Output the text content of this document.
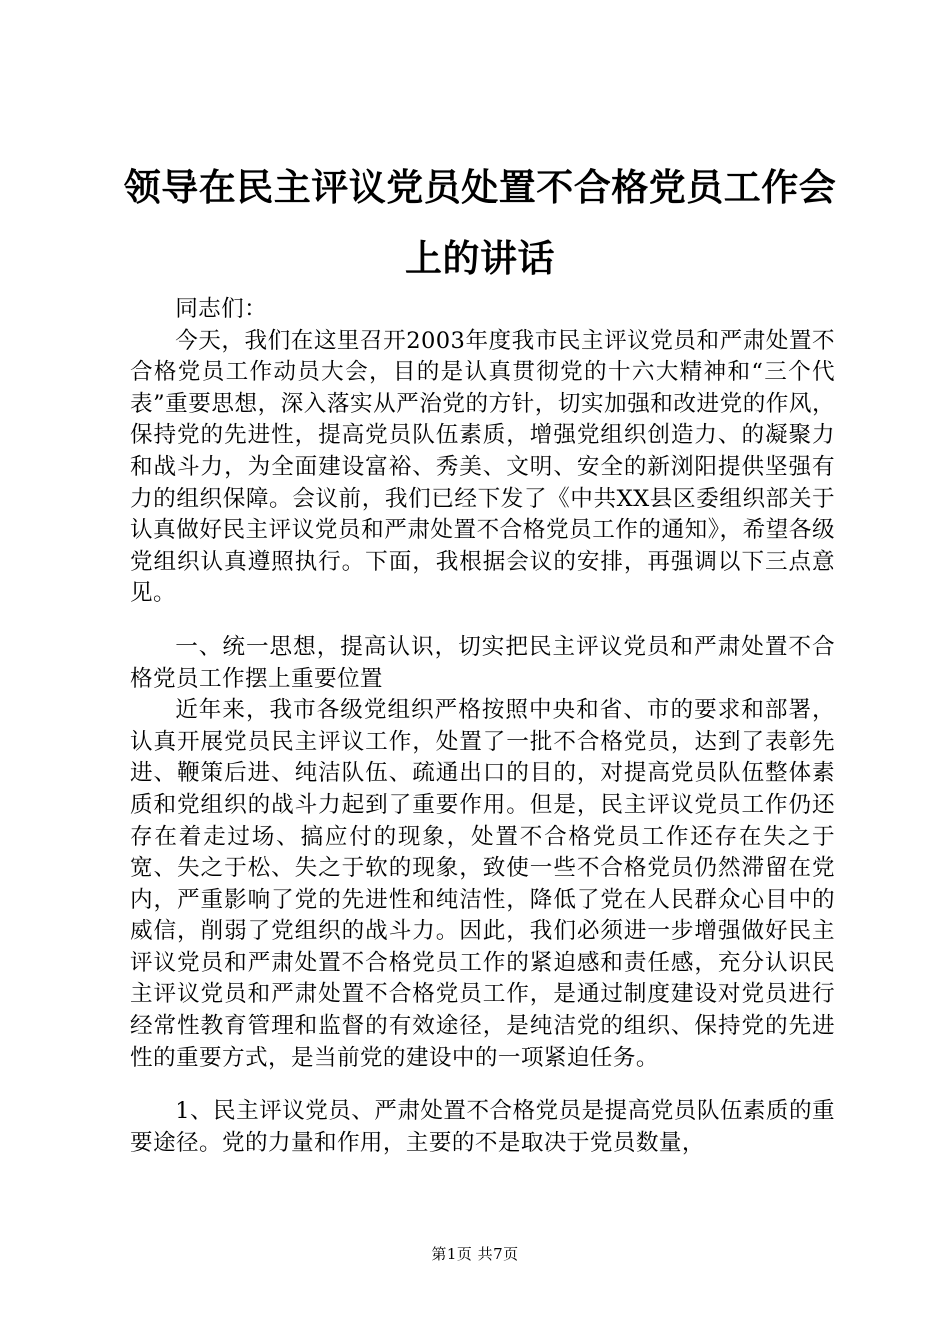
领导在民主评议党员处置不合格党员工作会上的讲话

同志们：

今天，我们在这里召开2003年度我市民主评议党员和严肃处置不合格党员工作动员大会，目的是认真贯彻党的十六大精神和“三个代表”重要思想，深入落实从严治党的方针，切实加强和改进党的作风，保持党的先进性，提高党员队伍素质，增强党组织创造力、的凝聚力和战斗力，为全面建设富裕、秀美、文明、安全的新浏阳提供坚强有力的组织保障。会议前，我们已经下发了《中共XX县区委组织部关于认真做好民主评议党员和严肃处置不合格党员工作的通知》，希望各级党组织认真遵照执行。下面，我根据会议的安排，再强调以下三点意见。

一、统一思想，提高认识，切实把民主评议党员和严肃处置不合格党员工作摆上重要位置

近年来，我市各级党组织严格按照中央和省、市的要求和部署，认真开展党员民主评议工作，处置了一批不合格党员，达到了表彰先进、鞭策后进、纯洁队伍、疏通出口的目的，对提高党员队伍整体素质和党组织的战斗力起到了重要作用。但是，民主评议党员工作仍还存在着走过场、搞应付的现象，处置不合格党员工作还存在失之于宽、失之于松、失之于软的现象，致使一些不合格党员仍然滞留在党内，严重影响了党的先进性和纯洁性，降低了党在人民群众心目中的威信，削弱了党组织的战斗力。因此，我们必须进一步增强做好民主评议党员和严肃处置不合格党员工作的紧迫感和责任感，充分认识民主评议党员和严肃处置不合格党员工作，是通过制度建设对党员进行经常性教育管理和监督的有效途径，是纯洁党的组织、保持党的先进性的重要方式，是当前党的建设中的一项紧迫任务。

1、民主评议党员、严肃处置不合格党员是提高党员队伍素质的重要途径。党的力量和作用，主要的不是取决于党员数量，

第1页 共7页
